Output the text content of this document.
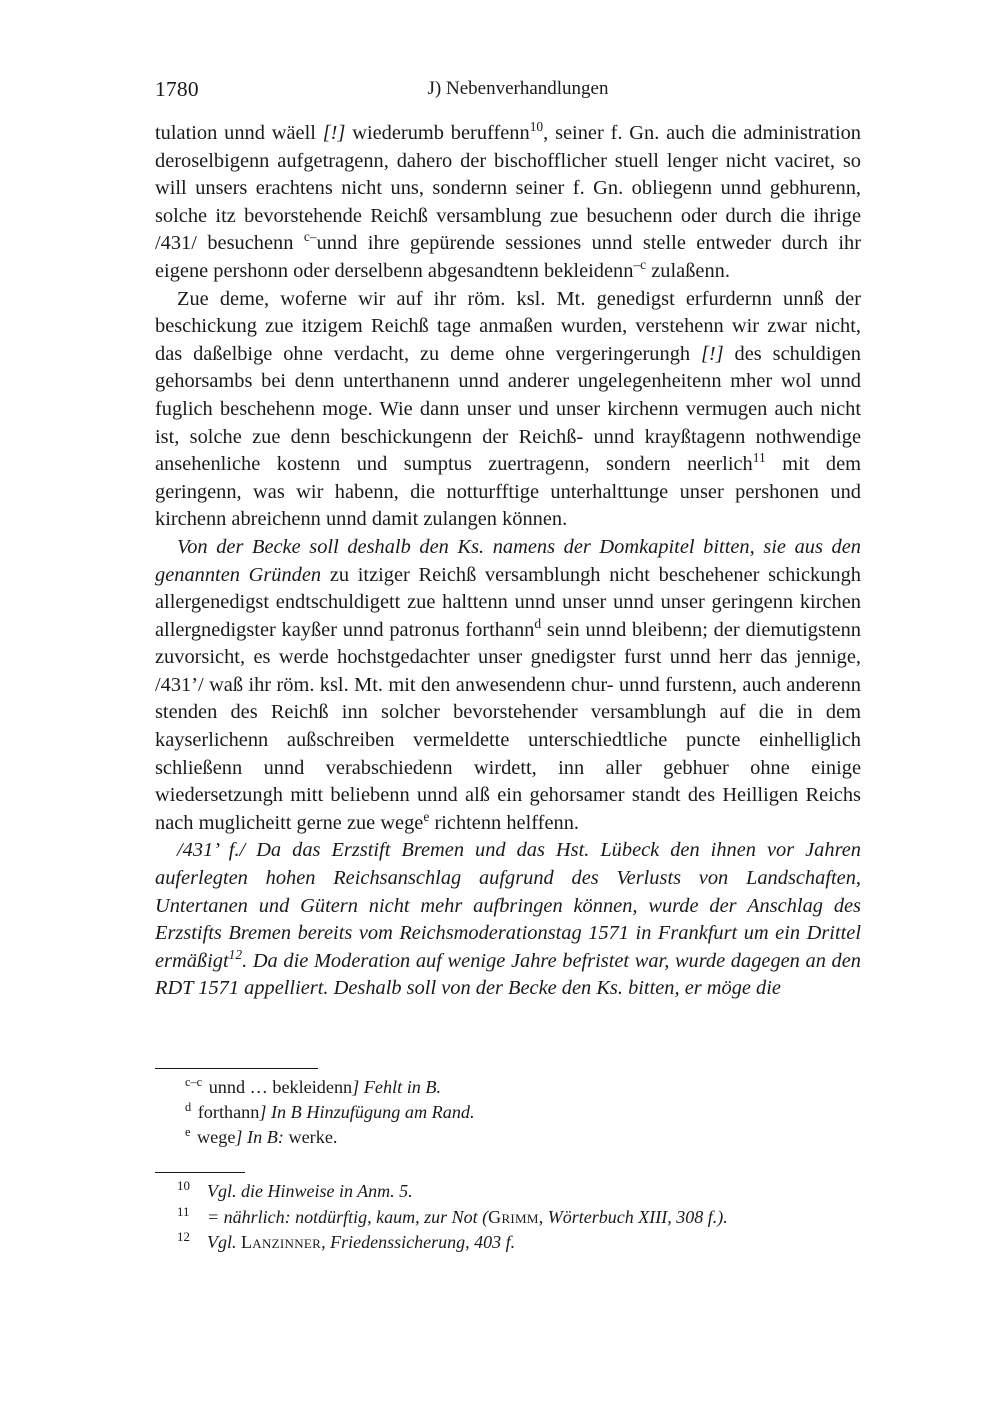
1780	J) Nebenverhandlungen

tulation unnd wäell [!] wiederumb beruffenn$^{10}$, seiner f. Gn. auch die administration deroselbigenn aufgetragenn, dahero der bischofflicher stuell lenger nicht vaciret, so will unsers erachtens nicht uns, sondernn seiner f. Gn. obliegenn unnd gebhurenn, solche itz bevorstehende Reichß versamblung zue besuchenn oder durch die ihrige /431/ besuchenn $^{c-}$unnd ihre gepürende sessiones unnd stelle entweder durch ihr eigene pershonn oder derselbenn abgesandtenn bekleidenn$^{-c}$ zulaßenn.

Zue deme, woferne wir auf ihr röm. ksl. Mt. genedigst erfurdernn unnß der beschickung zue itzigem Reichß tage anmaßen wurden, verstehenn wir zwar nicht, das daßelbige ohne verdacht, zu deme ohne vergeringerungh [!] des schuldigen gehorsambs bei denn unterthanenn unnd anderer ungelegenheitenn mher wol unnd fuglich beschehenn moge. Wie dann unser und unser kirchenn vermugen auch nicht ist, solche zue denn beschickungenn der Reichß- unnd krayßtagenn nothwendige ansehenliche kostenn und sumptus zuertragenn, sondern neerlich$^{11}$ mit dem geringenn, was wir habenn, die notturfftige unterhalttunge unser pershonen und kirchenn abreichenn unnd damit zulangen können.

Von der Becke soll deshalb den Ks. namens der Domkapitel bitten, sie aus den genannten Gründen zu itziger Reichß versamblungh nicht beschehener schickungh allergenedigst endtschuldigett zue halttenn unnd unser unnd unser geringenn kirchen allergnedigster kayßer unnd patronus forthann$^d$ sein unnd bleibenn; der diemutigstenn zuvorsicht, es werde hochstgedachter unser gnedigster furst unnd herr das jennige, /431’/ waß ihr röm. ksl. Mt. mit den anwesendenn chur- unnd furstenn, auch anderenn stenden des Reichß inn solcher bevorstehender versamblungh auf die in dem kayserlichenn außschreiben vermeldette unterschiedtliche puncte einhelliglich schließenn unnd verabschiedenn wirdett, inn aller gebhuer ohne einige wiedersetzungh mitt beliebenn unnd alß ein gehorsamer standt des Heilligen Reichs nach muglicheitt gerne zue wege$^e$ richtenn helffenn.

/431’ f./ Da das Erzstift Bremen und das Hst. Lübeck den ihnen vor Jahren auferlegten hohen Reichsanschlag aufgrund des Verlusts von Landschaften, Untertanen und Gütern nicht mehr aufbringen können, wurde der Anschlag des Erzstifts Bremen bereits vom Reichsmoderationstag 1571 in Frankfurt um ein Drittel ermäßigt$^{12}$. Da die Moderation auf wenige Jahre befristet war, wurde dagegen an den RDT 1571 appelliert. Deshalb soll von der Becke den Ks. bitten, er möge die

$^{c-c}$ unnd … bekleidenn] Fehlt in B.
$^d$ forthann] In B Hinzufügung am Rand.
$^e$ wege] In B: werke.
10 Vgl. die Hinweise in Anm. 5.
11 = nährlich: notdürftig, kaum, zur Not (Grimm, Wörterbuch XIII, 308 f.).
12 Vgl. Lanzinner, Friedenssicherung, 403 f.
